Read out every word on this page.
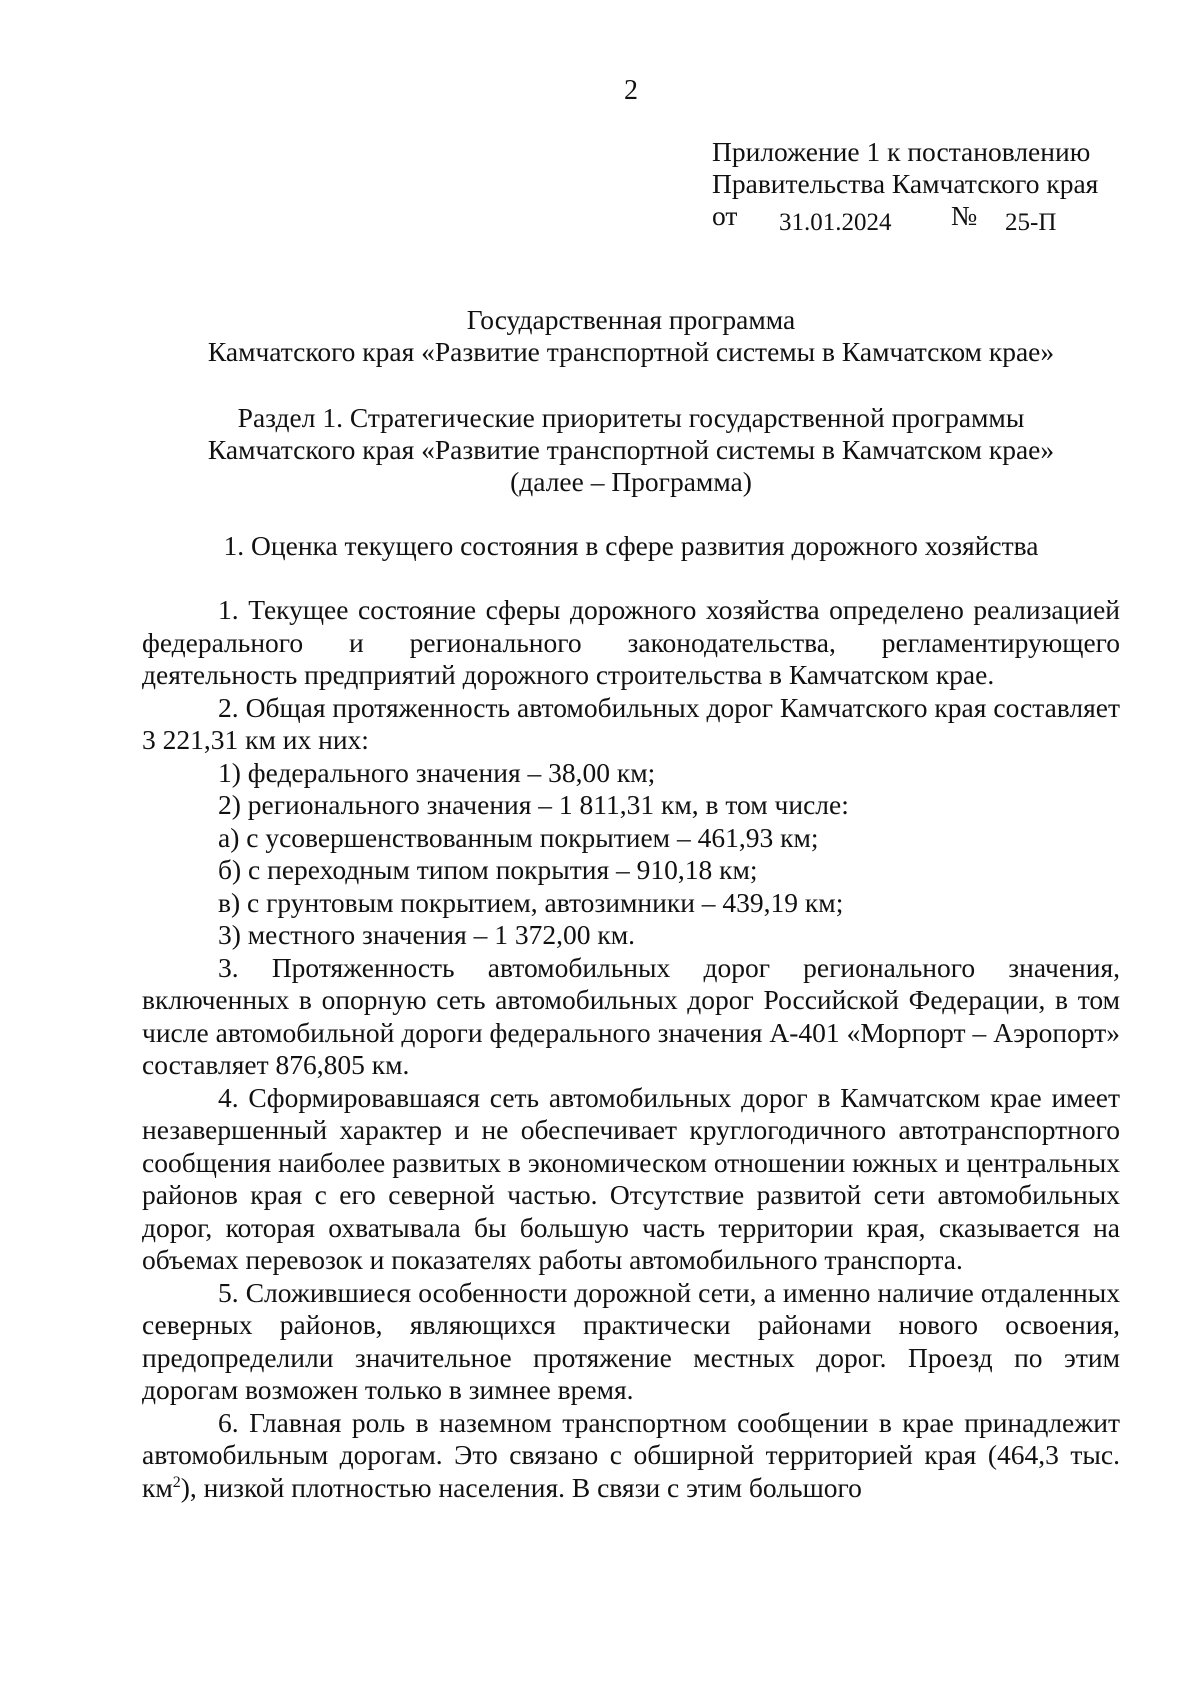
2
Приложение 1 к постановлению
Правительства Камчатского края
от 31.01.2024 № 25-П
Государственная программа
Камчатского края «Развитие транспортной системы в Камчатском крае»
Раздел 1. Стратегические приоритеты государственной программы
Камчатского края «Развитие транспортной системы в Камчатском крае»
(далее – Программа)
1. Оценка текущего состояния в сфере развития дорожного хозяйства

1. Текущее состояние сферы дорожного хозяйства определено реализацией федерального и регионального законодательства, регламентирующего деятельность предприятий дорожного строительства в Камчатском крае.

2. Общая протяженность автомобильных дорог Камчатского края составляет 3 221,31 км их них:

1) федерального значения – 38,00 км;

2) регионального значения – 1 811,31 км, в том числе:

а) с усовершенствованным покрытием – 461,93 км;

б) с переходным типом покрытия – 910,18 км;

в) с грунтовым покрытием, автозимники – 439,19 км;

3) местного значения – 1 372,00 км.

3. Протяженность автомобильных дорог регионального значения, включенных в опорную сеть автомобильных дорог Российской Федерации, в том числе автомобильной дороги федерального значения А-401 «Морпорт – Аэропорт» составляет 876,805 км.

4. Сформировавшаяся сеть автомобильных дорог в Камчатском крае имеет незавершенный характер и не обеспечивает круглогодичного автотранспортного сообщения наиболее развитых в экономическом отношении южных и центральных районов края с его северной частью. Отсутствие развитой сети автомобильных дорог, которая охватывала бы большую часть территории края, сказывается на объемах перевозок и показателях работы автомобильного транспорта.

5. Сложившиеся особенности дорожной сети, а именно наличие отдаленных северных районов, являющихся практически районами нового освоения, предопределили значительное протяжение местных дорог. Проезд по этим дорогам возможен только в зимнее время.

6. Главная роль в наземном транспортном сообщении в крае принадлежит автомобильным дорогам. Это связано с обширной территорией края (464,3 тыс. $км^2$), низкой плотностью населения. В связи с этим большого
